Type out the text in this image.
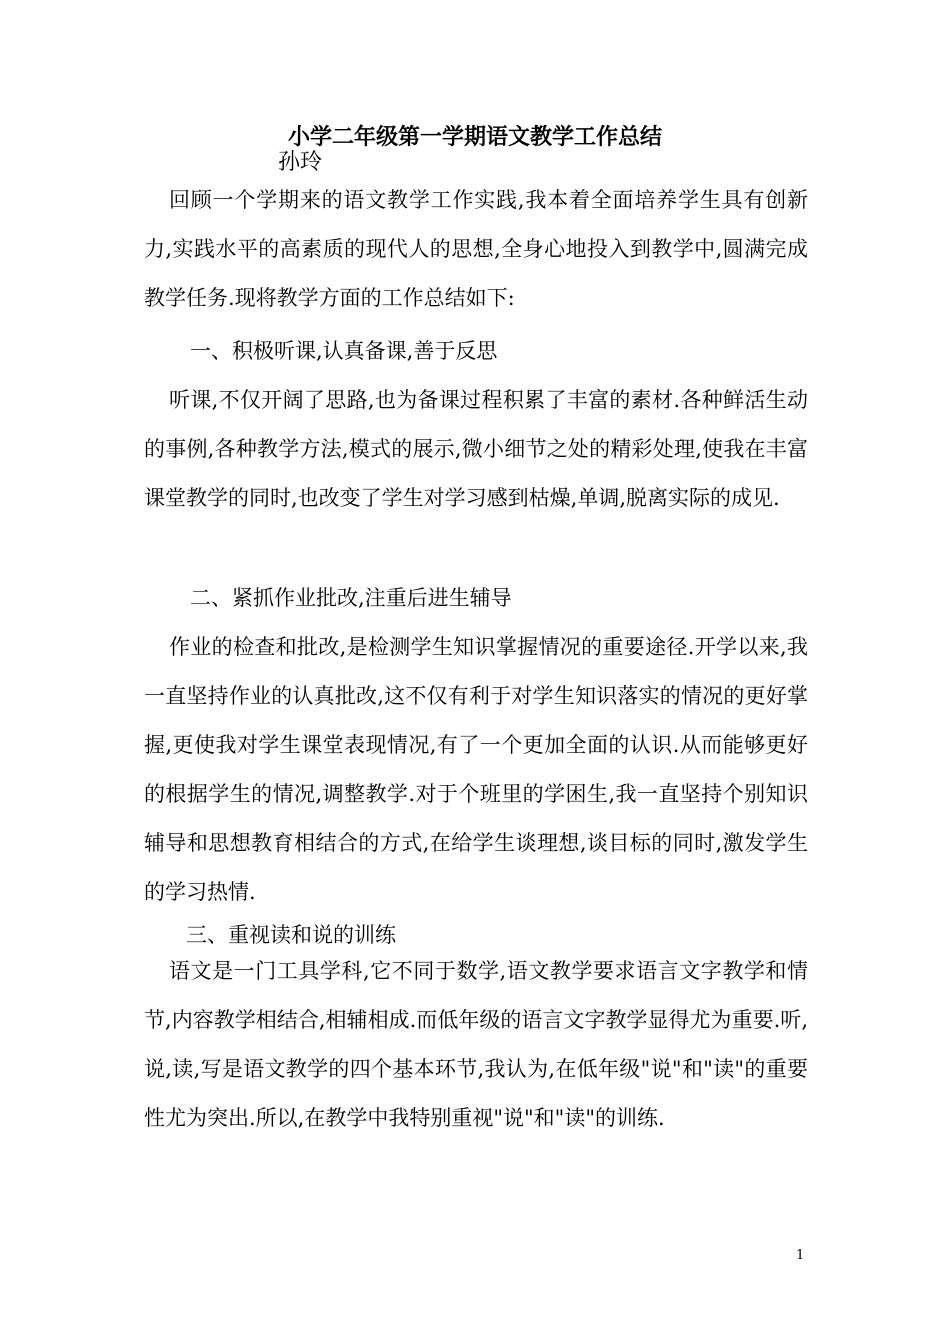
小学二年级第一学期语文教学工作总结
孙玲

回顾一个学期来的语文教学工作实践,我本着全面培养学生具有创新力,实践水平的高素质的现代人的思想,全身心地投入到教学中,圆满完成教学任务.现将教学方面的工作总结如下:

一、积极听课,认真备课,善于反思

听课,不仅开阔了思路,也为备课过程积累了丰富的素材.各种鲜活生动的事例,各种教学方法,模式的展示,微小细节之处的精彩处理,使我在丰富课堂教学的同时,也改变了学生对学习感到枯燥,单调,脱离实际的成见.

二、紧抓作业批改,注重后进生辅导

作业的检查和批改,是检测学生知识掌握情况的重要途径.开学以来,我一直坚持作业的认真批改,这不仅有利于对学生知识落实的情况的更好掌握,更使我对学生课堂表现情况,有了一个更加全面的认识.从而能够更好的根据学生的情况,调整教学.对于个班里的学困生,我一直坚持个别知识辅导和思想教育相结合的方式,在给学生谈理想,谈目标的同时,激发学生的学习热情.

三、重视读和说的训练

语文是一门工具学科,它不同于数学,语文教学要求语言文字教学和情节,内容教学相结合,相辅相成.而低年级的语言文字教学显得尤为重要.听,说,读,写是语文教学的四个基本环节,我认为,在低年级"说"和"读"的重要性尤为突出.所以,在教学中我特别重视"说"和"读"的训练.

1
